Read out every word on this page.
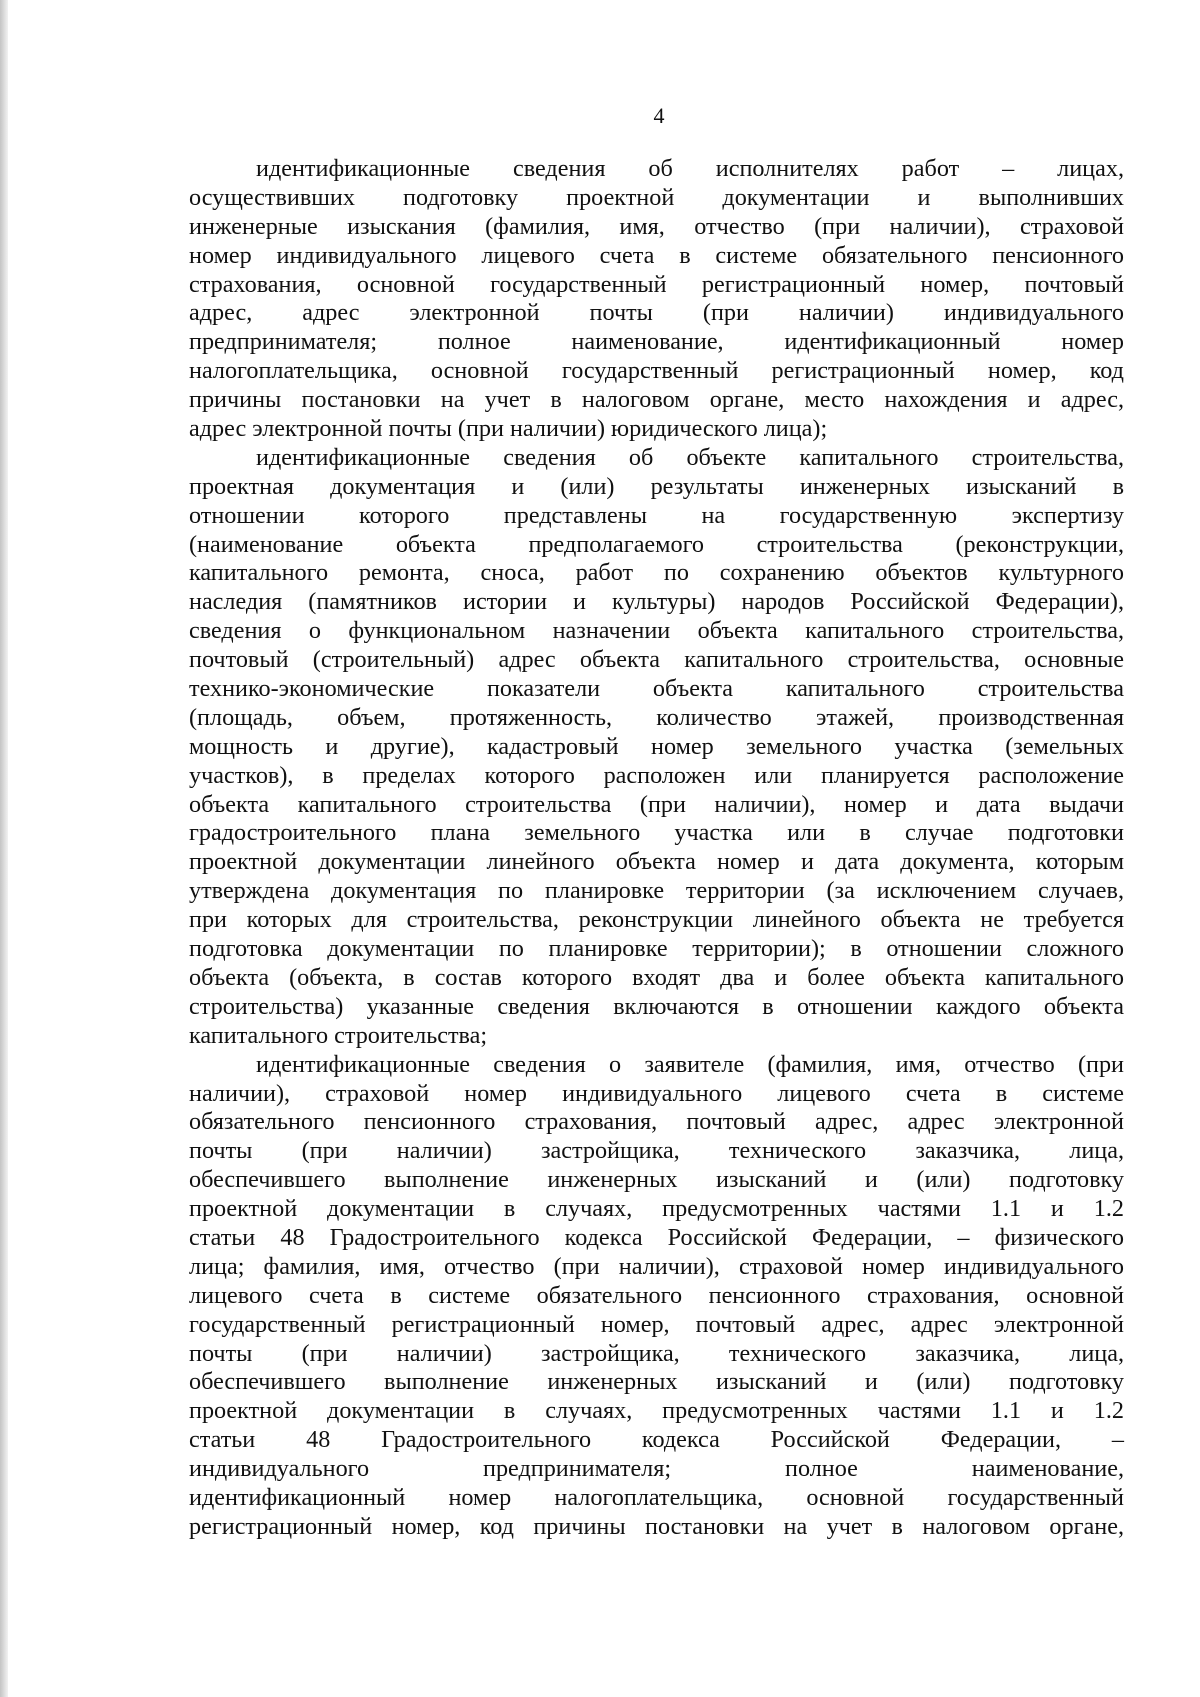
4
идентификационные сведения об исполнителях работ – лицах,
осуществивших подготовку проектной документации и выполнивших
инженерные изыскания (фамилия, имя, отчество (при наличии), страховой
номер индивидуального лицевого счета в системе обязательного пенсионного
страхования, основной государственный регистрационный номер, почтовый
адрес, адрес электронной почты (при наличии) индивидуального
предпринимателя; полное наименование, идентификационный номер
налогоплательщика, основной государственный регистрационный номер, код
причины постановки на учет в налоговом органе, место нахождения и адрес,
адрес электронной почты (при наличии) юридического лица);
идентификационные сведения об объекте капитального строительства,
проектная документация и (или) результаты инженерных изысканий в
отношении которого представлены на государственную экспертизу
(наименование объекта предполагаемого строительства (реконструкции,
капитального ремонта, сноса, работ по сохранению объектов культурного
наследия (памятников истории и культуры) народов Российской Федерации),
сведения о функциональном назначении объекта капитального строительства,
почтовый (строительный) адрес объекта капитального строительства, основные
технико-экономические показатели объекта капитального строительства
(площадь, объем, протяженность, количество этажей, производственная
мощность и другие), кадастровый номер земельного участка (земельных
участков), в пределах которого расположен или планируется расположение
объекта капитального строительства (при наличии), номер и дата выдачи
градостроительного плана земельного участка или в случае подготовки
проектной документации линейного объекта номер и дата документа, которым
утверждена документация по планировке территории (за исключением случаев,
при которых для строительства, реконструкции линейного объекта не требуется
подготовка документации по планировке территории); в отношении сложного
объекта (объекта, в состав которого входят два и более объекта капитального
строительства) указанные сведения включаются в отношении каждого объекта
капитального строительства;
идентификационные сведения о заявителе (фамилия, имя, отчество (при
наличии), страховой номер индивидуального лицевого счета в системе
обязательного пенсионного страхования, почтовый адрес, адрес электронной
почты (при наличии) застройщика, технического заказчика, лица,
обеспечившего выполнение инженерных изысканий и (или) подготовку
проектной документации в случаях, предусмотренных частями 1.1 и 1.2
статьи 48 Градостроительного кодекса Российской Федерации, – физического
лица; фамилия, имя, отчество (при наличии), страховой номер индивидуального
лицевого счета в системе обязательного пенсионного страхования, основной
государственный регистрационный номер, почтовый адрес, адрес электронной
почты (при наличии) застройщика, технического заказчика, лица,
обеспечившего выполнение инженерных изысканий и (или) подготовку
проектной документации в случаях, предусмотренных частями 1.1 и 1.2
статьи 48 Градостроительного кодекса Российской Федерации, –
индивидуального предпринимателя; полное наименование,
идентификационный номер налогоплательщика, основной государственный
регистрационный номер, код причины постановки на учет в налоговом органе,
